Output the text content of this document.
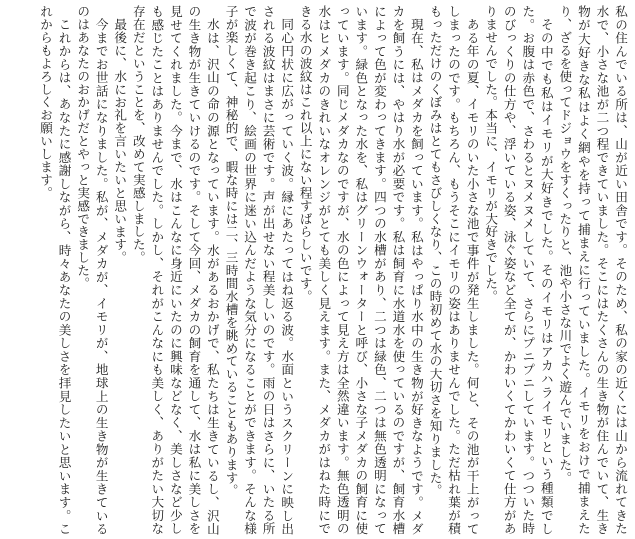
私の住んでいる所は、山が近い田舎です。そのため、私の家の近くには山から流れてきた水で、小さな池が二つ程できていました。そこにはたくさんの生き物が住んでいて、生き物が大好きな私はよく網やを持って捕まえに行っていました。イモリをおけで捕まえたり、ざるを使ってドジョウをすくったりと、池や小さな川でよく遊んでいました。

その中でも私はイモリが大好きでした。そのイモリはアカハライモリという種類でした。お腹は赤色で、さわるとヌメヌメしていて、さらにプニプニしています。つついた時のびっくりの仕方や、浮いている姿、泳ぐ姿など全てが、かわいくてかわいくて仕方がありませんでした。本当に、イモリが大好きでした。

ある年の夏、イモリのいた小さな池で事件が発生しました。何と、その池が干上がってしまったのです。もちろん、もうそこにイモリの姿はありませんでした。ただ枯れ葉が積もっただけのくぼみはとてもさびしくなり、この時初めて水の大切さを知りました。

現在、私はメダカを飼っています。私はやっぱり水中の生き物が好きなようです。メダカを飼うには、やはり水が必要です。私は飼育に水道水を使っているのですが、飼育水槽によって色が変わってきます。四つの水槽があり、二つは緑色、二つは無色透明になっています。緑色となった水を、私はグリーンウォーターと呼び、小さな子メダカの飼育に使っています。同じメダカなのですが、水の色によって見え方は全然違います。無色透明の水はヒメダカのきれいなオレンジがとても美しく見えます。また、メダカがはねた時にできる水の波紋はこれ以上にない程すばらしいです。

同心円状に広がっていく波。縁にあたってはね返る波。水面というスクリーンに映し出される波紋はまさに芸術です。声が出せない程美しいのです。雨の日はさらに、いたる所で波が巻き起こり、絵画の世界に迷い込んだような気分になることができます。そんな様子が楽しくて、神秘的で、暇な時には二、三時間水槽を眺めていることもあります。

水は、沢山の命の源となっています。水があるおかげで、私たちは生きているし、沢山の生き物が生きていけるのです。そして今回、メダカの飼育を通して、水は私に美しさを見せてくれました。今まで、水はこんなに身近にいたのに興味などなく、美しさなど少しも感じたことはありませんでした。しかし、それがこんなにも美しく、ありがたい大切な存在だということを、改めて実感しました。

最後に、水にお礼を言いたいと思います。

今までお世話になりました。私が、メダカが、イモリが、地球上の生き物が生きているのはあなたのおかげだとやっと実感できました。

これからは、あなたに感謝しながら、時々あなたの美しさを拝見したいと思います。これからもよろしくお願いします。
